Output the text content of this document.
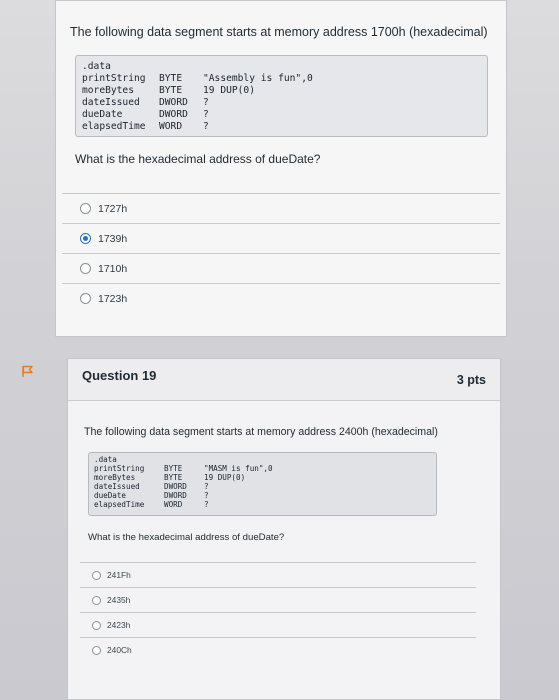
The following data segment starts at memory address 1700h (hexadecimal)
.data
printString BYTE "Assembly is fun",0
moreBytes	BYTE 19 DUP(0)
dateIssued DWORD ?
dueDate	DWORD ?
elapsedTime WORD ?
What is the hexadecimal address of dueDate?
1727h
1739h
1710h
1723h
Question 19	3 pts
The following data segment starts at memory address 2400h (hexadecimal)
.data
printString	BYTE	"MASM is fun",0
moreBytes	BYTE	19 DUP(0)
dateIssued	DWORD ?
dueDate	DWORD ?
elapsedTime	WORD	?
What is the hexadecimal address of dueDate?
241Fh
2435h
2423h
240Ch
